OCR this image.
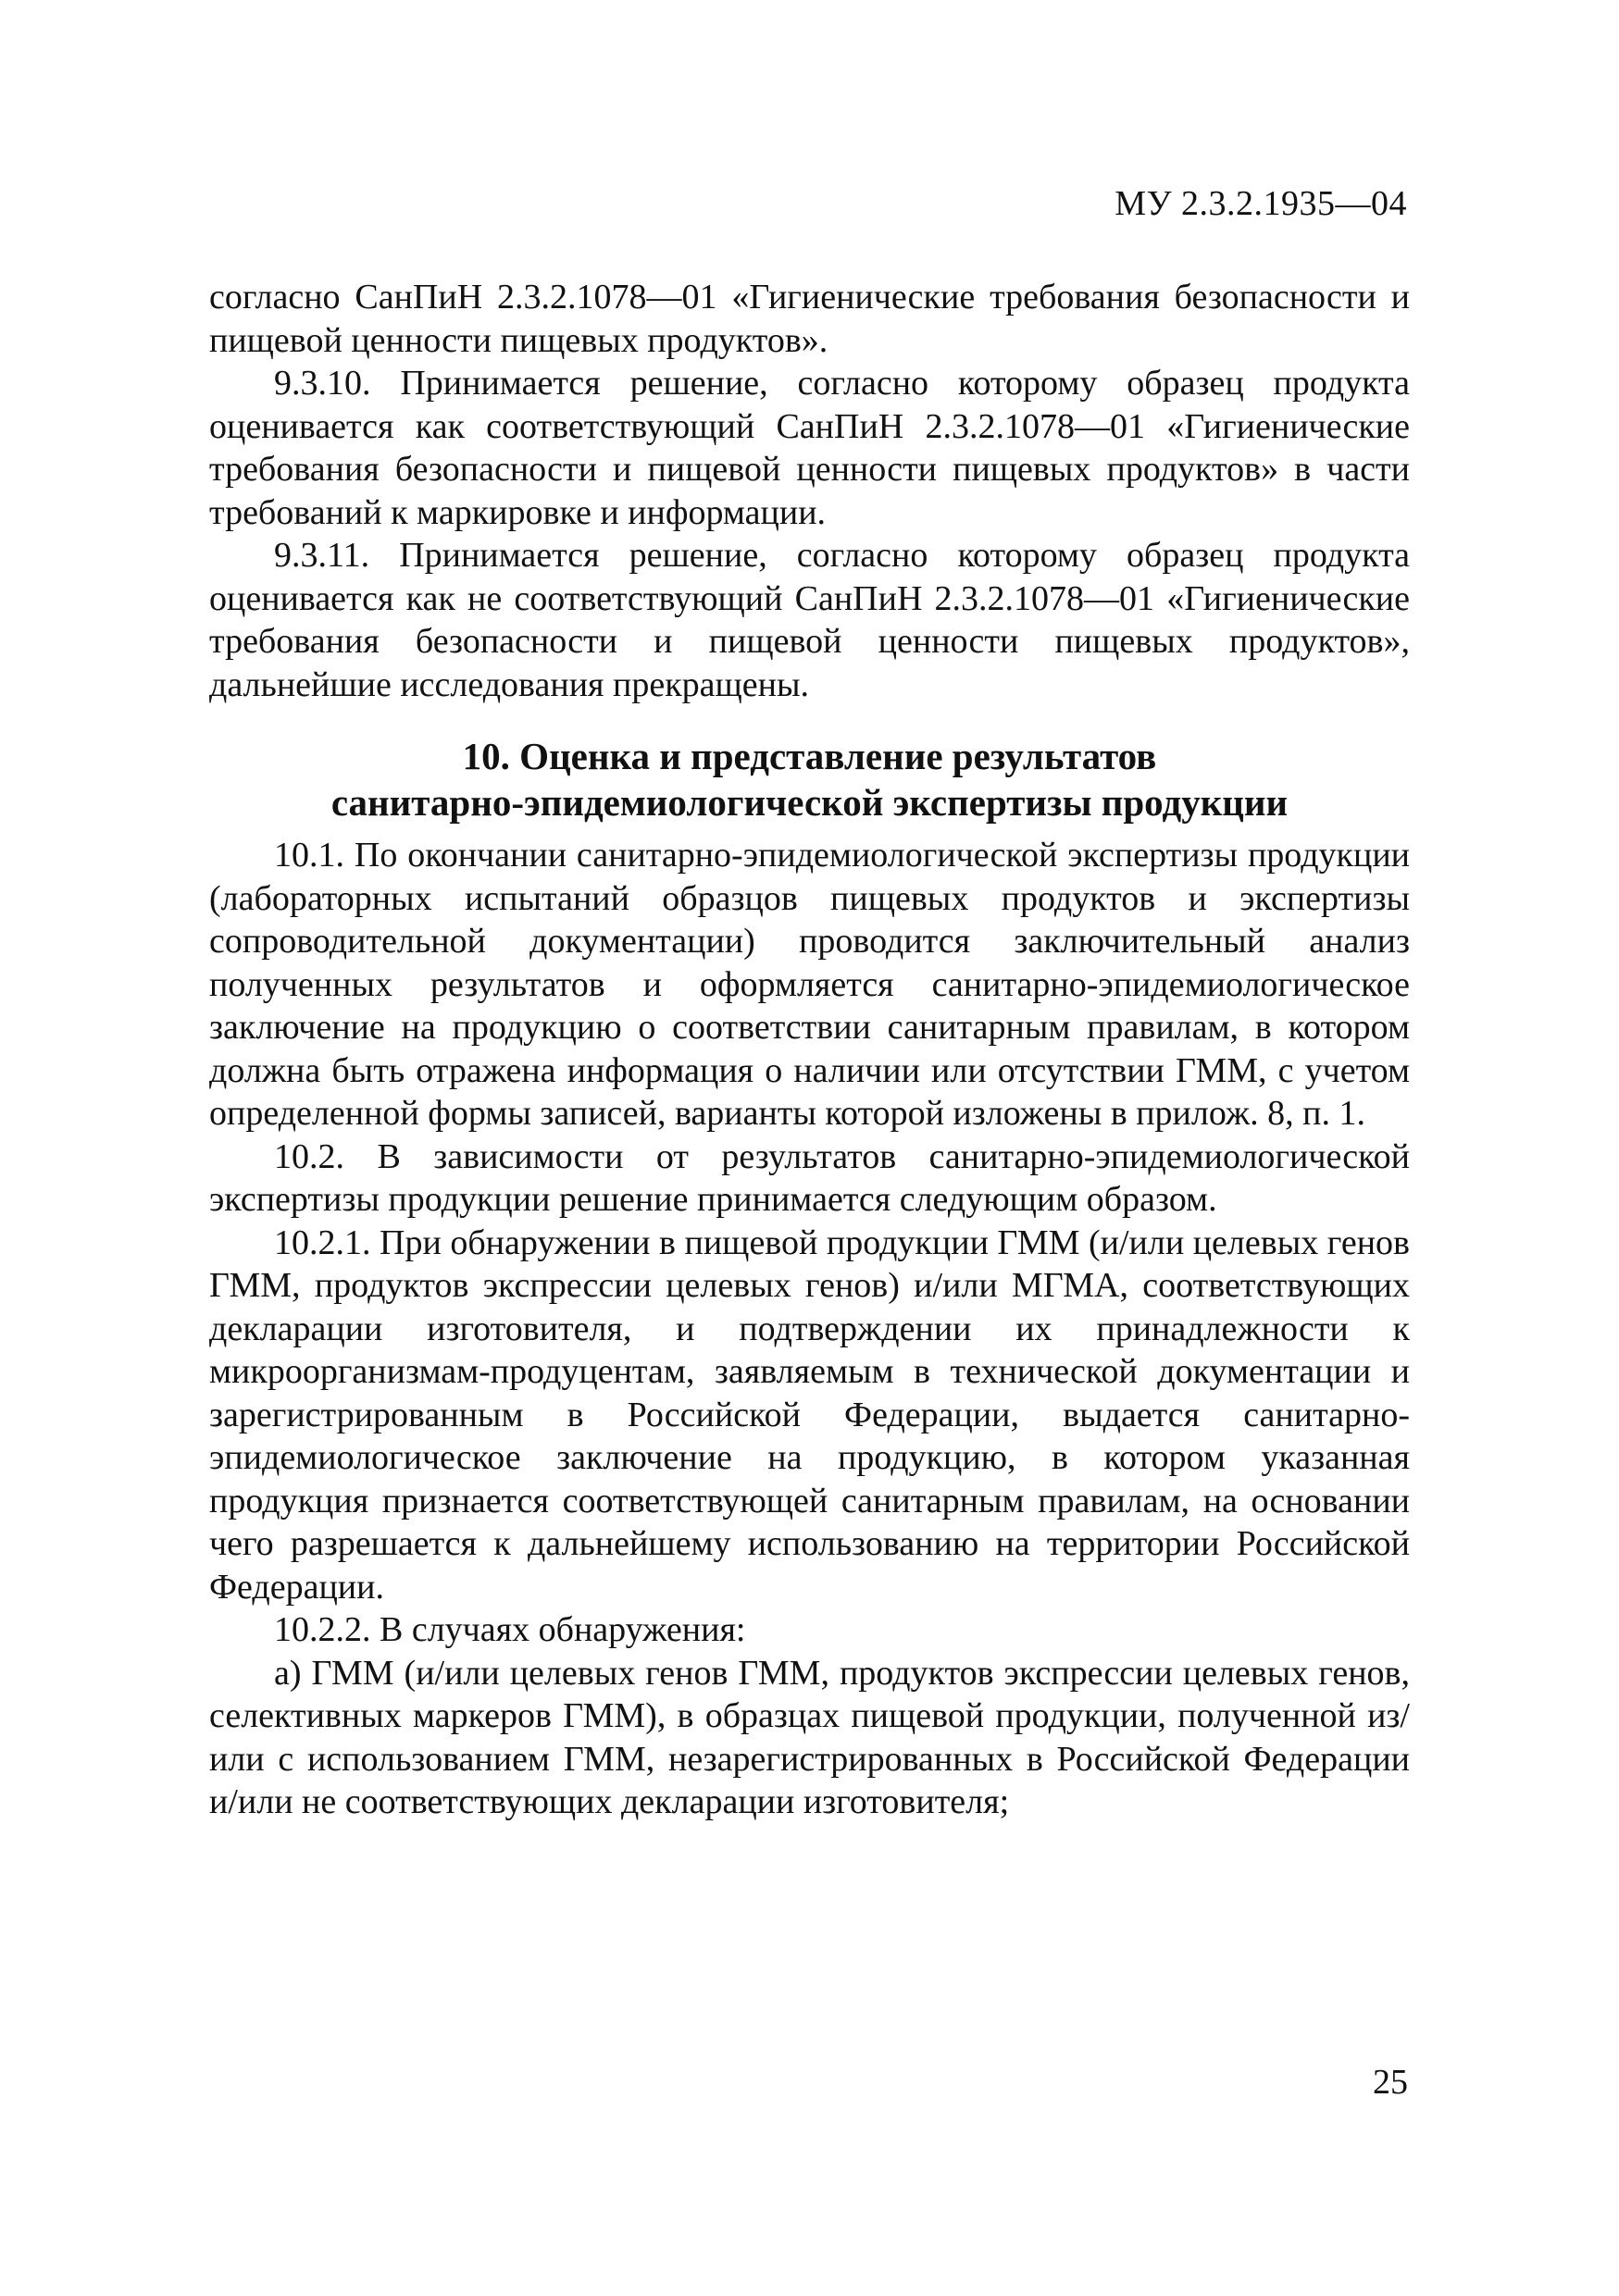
МУ 2.3.2.1935—04

согласно СанПиН 2.3.2.1078—01 «Гигиенические требования безопасности и пищевой ценности пищевых продуктов».

9.3.10. Принимается решение, согласно которому образец продукта оценивается как соответствующий СанПиН 2.3.2.1078—01 «Гигиенические требования безопасности и пищевой ценности пищевых продуктов» в части требований к маркировке и информации.

9.3.11. Принимается решение, согласно которому образец продукта оценивается как не соответствующий СанПиН 2.3.2.1078—01 «Гигиенические требования безопасности и пищевой ценности пищевых продуктов», дальнейшие исследования прекращены.

10. Оценка и представление результатов
санитарно-эпидемиологической экспертизы продукции

10.1. По окончании санитарно-эпидемиологической экспертизы продукции (лабораторных испытаний образцов пищевых продуктов и экспертизы сопроводительной документации) проводится заключительный анализ полученных результатов и оформляется санитарно-эпидемиологическое заключение на продукцию о соответствии санитарным правилам, в котором должна быть отражена информация о наличии или отсутствии ГММ, с учетом определенной формы записей, варианты которой изложены в прилож. 8, п. 1.

10.2. В зависимости от результатов санитарно-эпидемиологической экспертизы продукции решение принимается следующим образом.

10.2.1. При обнаружении в пищевой продукции ГММ (и/или целевых генов ГММ, продуктов экспрессии целевых генов) и/или МГМА, соответствующих декларации изготовителя, и подтверждении их принадлежности к микроорганизмам-продуцентам, заявляемым в технической документации и зарегистрированным в Российской Федерации, выдается санитарно-эпидемиологическое заключение на продукцию, в котором указанная продукция признается соответствующей санитарным правилам, на основании чего разрешается к дальнейшему использованию на территории Российской Федерации.

10.2.2. В случаях обнаружения:

а) ГММ (и/или целевых генов ГММ, продуктов экспрессии целевых генов, селективных маркеров ГММ), в образцах пищевой продукции, полученной из/или с использованием ГММ, незарегистрированных в Российской Федерации и/или не соответствующих декларации изготовителя;

25
